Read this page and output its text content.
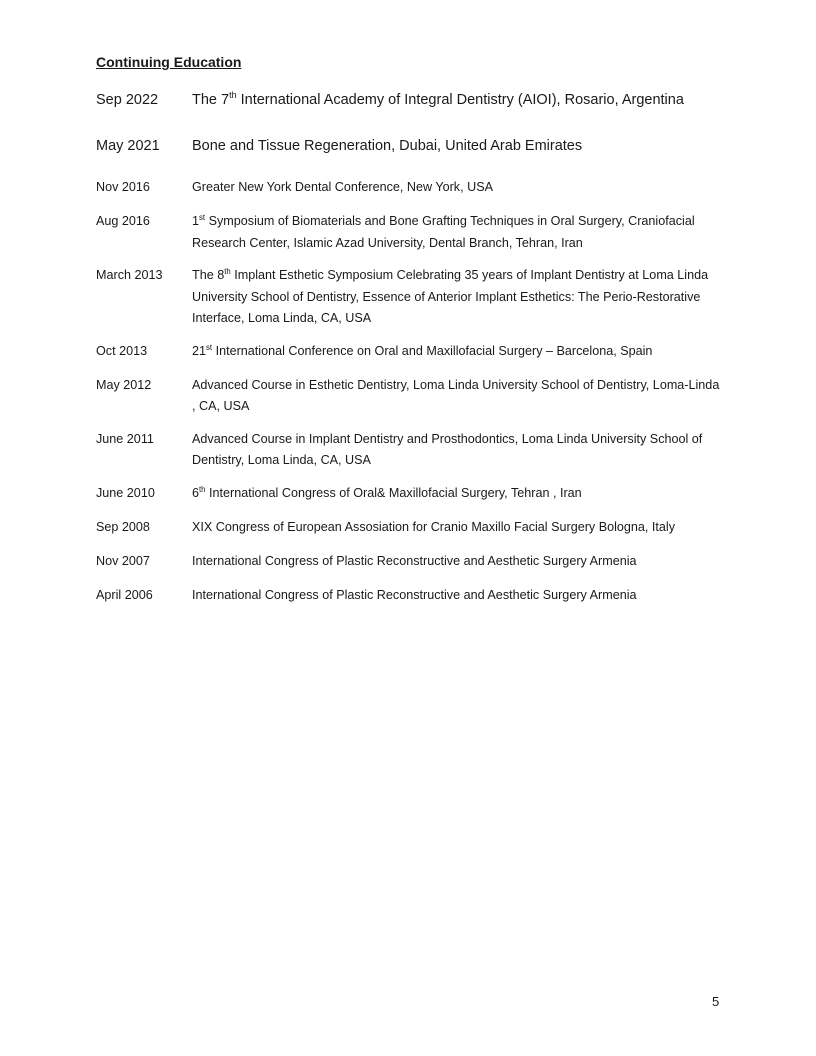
Continuing Education
Sep 2022	The 7th International Academy of Integral Dentistry (AIOI), Rosario, Argentina
May 2021	Bone and Tissue Regeneration, Dubai, United Arab Emirates
Nov 2016	Greater New York Dental Conference, New York, USA
Aug 2016	1st Symposium of Biomaterials and Bone Grafting Techniques in Oral Surgery, Craniofacial Research Center, Islamic Azad University, Dental Branch, Tehran, Iran
March 2013	The 8th Implant Esthetic Symposium Celebrating 35 years of Implant Dentistry at Loma Linda University School of Dentistry, Essence of Anterior Implant Esthetics: The Perio-Restorative Interface, Loma Linda, CA, USA
Oct 2013	21st International Conference on Oral and Maxillofacial Surgery – Barcelona, Spain
May 2012	Advanced Course in Esthetic Dentistry, Loma Linda University School of Dentistry, Loma-Linda , CA, USA
June 2011	Advanced Course in Implant Dentistry and Prosthodontics, Loma Linda University School of Dentistry, Loma Linda, CA, USA
June 2010	6th International Congress of Oral& Maxillofacial Surgery, Tehran , Iran
Sep 2008	XIX Congress of European Assosiation for Cranio Maxillo Facial Surgery Bologna, Italy
Nov 2007	International Congress of Plastic Reconstructive and Aesthetic Surgery Armenia
April 2006	International Congress of Plastic Reconstructive and Aesthetic Surgery Armenia
5
